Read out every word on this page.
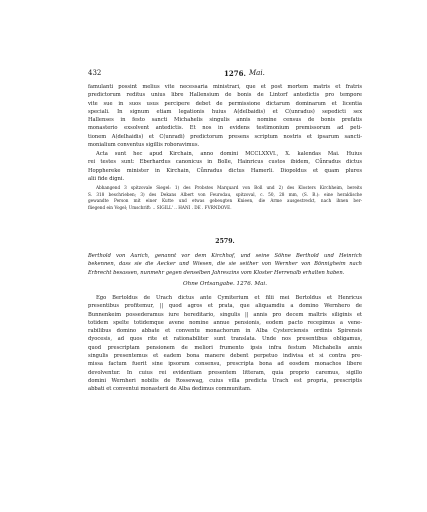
432	1276. Mai.

famulanti possint melius vite necessaria ministrari, que et post mortem matris et fratris
predictorum reditus unius libre Hallensium de bonis de Lintorf antedictis pro tempore
vite sue in suos usus percipere debet de permissione dictarum dominarum et licentia
speciali. In signum etiam legationis huius A(delbaidis) et C(unradus) sepedicti sex
Hallenses in festo sancti Michahelis singulis annis nomine census de bonis prefatis
monasterio exsolvent antedictis. Et nos in evidens testimonium premissorum ad peti-
tionem A(delhaidis) et C(unradi) predictorum presens scriptum nostris et ipsarum sancti-
monialium conventus sigillis roboravimus.

Acta sunt hec apud Kirchain, anno domini MCCLXXVI., X. kalendas Mai. Huius
rei testes sunt: Eberhardus canonicus in Bolle, Hainricus custos ibidem, Cůnradus dictus
Hopphereke minister in Kirchain, Cůnradus dictus Hamerli. Diopoldus et quam plures
alii fide digni.

Abhangend 3 spitzovale Siegel: 1) des Probstes Marquard von Boll und 2) des Klosters Kirchheim, bereits
S. 318 beschrieben; 3) des Dekans Albert von Feurodau, spitzoval, c. 50, 28 mm, (S. B.): eine heraldische
gewandte Person mit einer Kutte und etwas gebeugten Knieen, die Arme ausgestreckt, nach ihnen ber-
fliegend ein Vogel; Umschrift: .. SIGILL' .. HANI . DE . FVRNDOVE.

2579.

Berthold von Aurich, genannt vor dem Kirchhof, und seine Söhne Berthold und Heinrich
bekennen, dass sie die Aecker und Wiesen, die sie seither von Wernher von Bönnigheim nach
Erbrecht besassen, nunmehr gegen denselben Jahreszins vom Kloster Herrenalb erhalten haben.

Ohne Ortsangabe. 1276. Mai.

Ego Bertoldus de Urach dictus ante Cymiterium et filii mei Bertoldus et Henricus
presentibus profitemur, || quod agros et prata, que aliquamdiu a domino Wernhero de
Bunnenkeim possederamus iure hereditario, singulis || annis pro decem maltris siliginis et
totidem spelte totidemque avene nomine annue pensionis, eodem pacto recepimus a vene-
rabilibus domino abbate et conventu monachorum in Alba Cysterciensis ordinis Spirensis
dyocesis, ad quos rite et rationabiliter sunt translata. Unde nos presentibus obligamus,
quod prescriptam pensionem de meliori frumento ipsis infra festum Michahelis annis
singulis presentemus et eadem bona manere debent perpetuo indivisa et si contra pre-
missa factum fuerit sine ipsorum consensu, prescripta bona ad eosdem monachos libere
devolventur. In cuius rei evidentiam presentem litteram, quia proprio caremus, sigillo
domini Wernheri nobilis de Rossewag, cuius villa predicta Urach est propria, prescriptis
abbati et conventui monasterii de Alba dedimus communitam.
